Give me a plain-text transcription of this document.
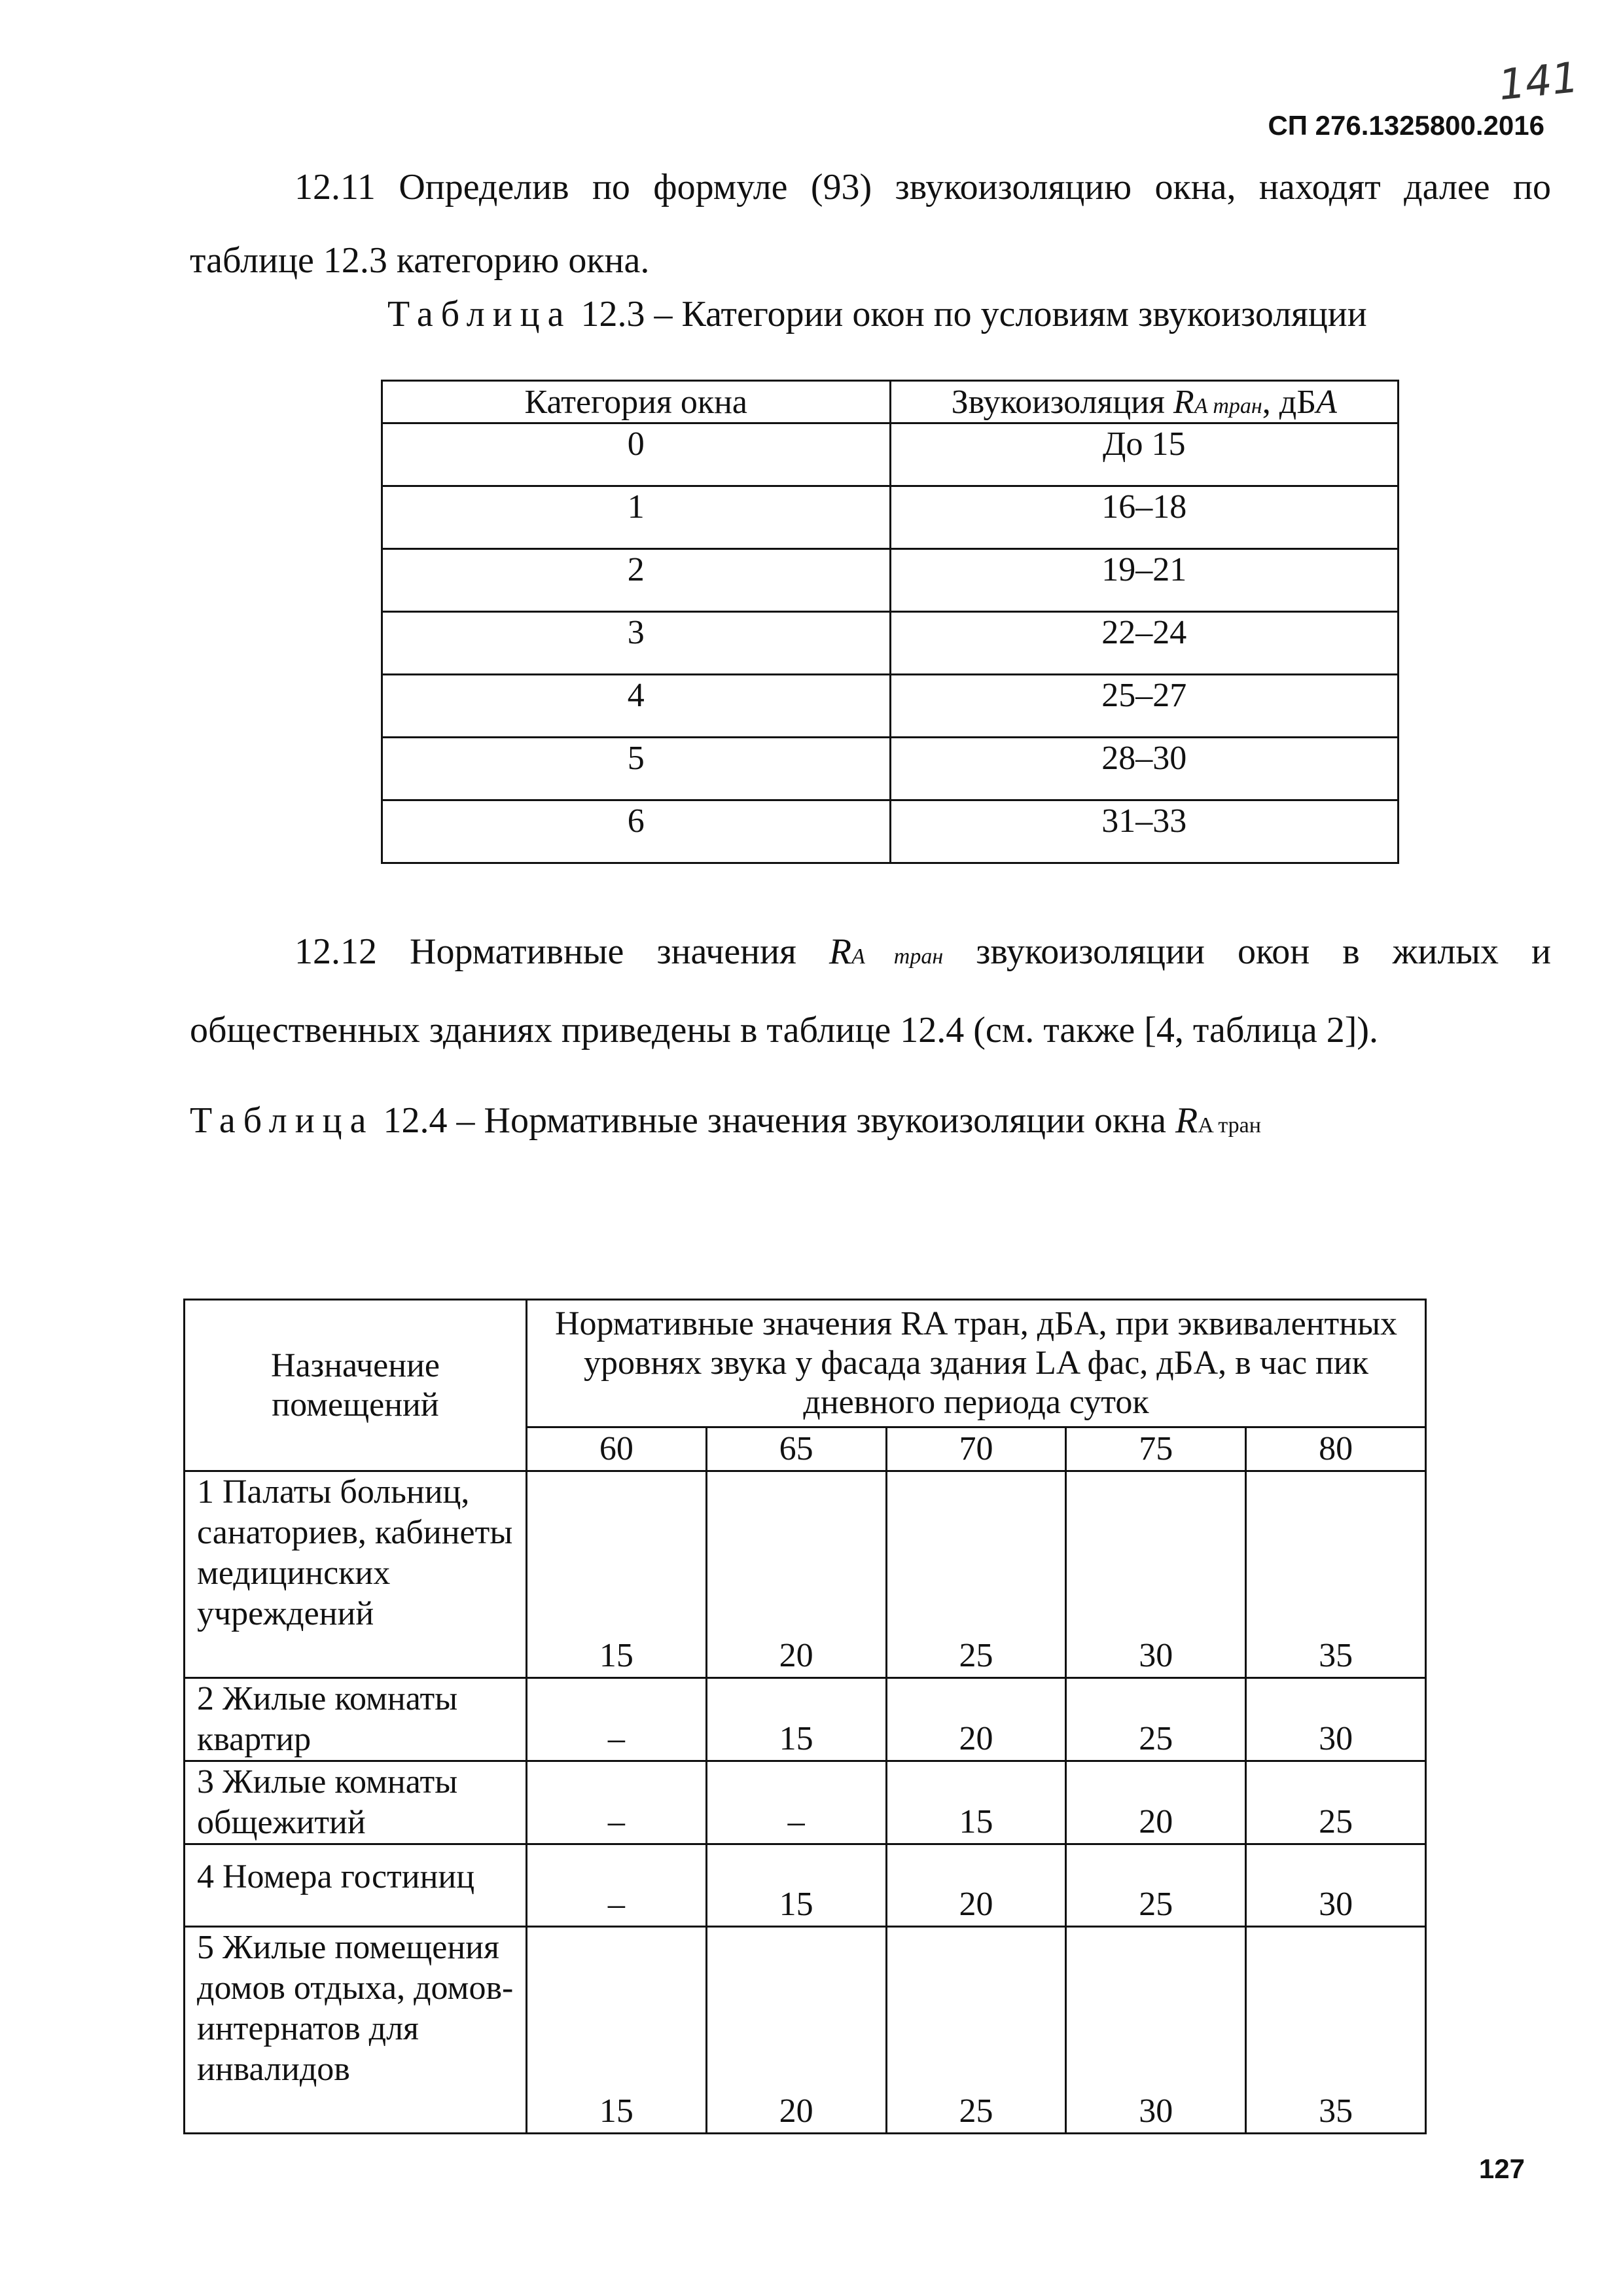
141
СП 276.1325800.2016
12.11 Определив по формуле (93) звукоизоляцию окна, находят далее по таблице 12.3 категорию окна.
Таблица 12.3 – Категории окон по условиям звукоизоляции
Категория окна	Звукоизоляция RA тран, дБA
0	До 15
1	16–18
2	19–21
3	22–24
4	25–27
5	28–30
6	31–33
12.12 Нормативные значения RA тран звукоизоляции окон в жилых и общественных зданиях приведены в таблице 12.4 (см. также [4, таблица 2]).
Таблица 12.4 – Нормативные значения звукоизоляции окна RA тран
Назначение помещений	Нормативные значения RA тран, дБA, при эквивалентных уровнях звука у фасада здания LA фас, дБA, в час пик дневного периода суток				
	60	65	70	75	80
1 Палаты больниц, санаториев, кабинеты медицинских учреждений	15	20	25	30	35
2 Жилые комнаты квартир	–	15	20	25	30
3 Жилые комнаты общежитий	–	–	15	20	25
4 Номера гостиниц	–	15	20	25	30
5 Жилые помещения домов отдыха, домов-интернатов для инвалидов	15	20	25	30	35
127
